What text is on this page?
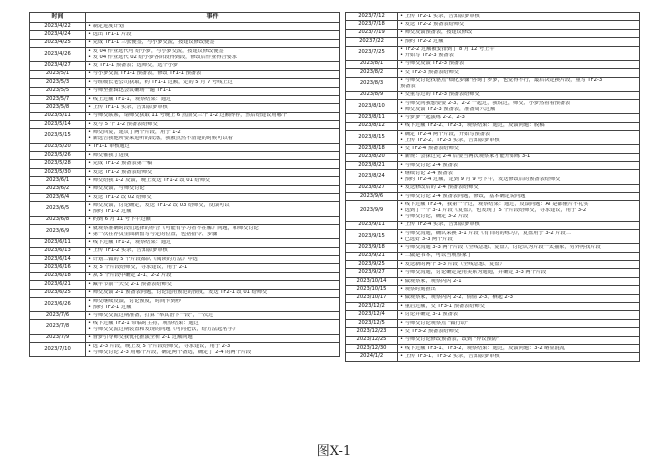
时间	事件
2023/4/22	• 制定进度计划

2023/4/24	• 选出 TF1-1 片段

2023/4/25	• 完成 TF1-1 三张便签，与小萝交流，按建议修改便签

2023/4/26	• 发 04 作业选代可 给小萝，与小萝交流，按建议修改便签
• 发 04 作业选代 02 给小萝各阶段得到段，修改后作业得合要求

2023/4/27	• 发 TF1-1 预备表；选师交，选个小萝

2023/5/1	• 与小萝交流 TF1-1 预备表，修改 TF1-1 预备表

2023/5/3	• 与班级长老公司获取，约 TF1-1 过额，定的 5 月 7 号线上过

2023/5/5	• 与师至推辑迅会议确场一遍 TF1-1

2023/5/7	• 线上过额 TF1-1，观察结果：通过

2023/5/8	• 上传 TF1-1 实录，告知影萝审核

2023/5/11	• 与师交联系，请师交获取 11 号晚上 6 点前交三个 1-2 过额得荐，然后给建议用哪个

2023/5/14	• 发与 5 个 1-2 预备表给师交

2023/5/15	• 师交回复，建议了两个片段，用于 1-2
• 新选告我他所要来进听的段落，我被点然不清楚的时候可以看

2023/5/20	• TF1-1 审核通过

2023/5/26	• 师交催我了进度

2023/5/28	• 完成 TF1-2 预备表第一稿

2023/5/30	• 发送 TF1-2 预备表给师交

2023/6/1	• 师交给我 1-2 反馈，晚上发送 TF1-2 改 01 给师交

2023/6/2	• 师交反馈，与师交讨论

2023/6/4	• 发送 TF1-2 改 02 给师交

2023/6/5	• 师交反馈，讨论确定，发送 TF1-2 改 03 给师交，反馈可以
• 预约 TF1-2 过额

2023/6/8	• 约到 6 月 11 号下午过额

2023/6/9	• 就观察准确时段们选择的荐合《可能有学习者不在解》问题，和师交讨论
• 第一次在荐页里面新留写与定的位置，包括指令、步骤

2023/6/11	• 线下过额 TF1-2，观察结果：通过

2023/6/13	• 上传 TF1-2 实录，告知影萝审核

2023/6/14	• 计划二做的 5 个片段都队《阅读的方法》中选

2023/6/16	• 发 5 个片段给师交，寻求建议，用于 2-1

2023/6/18	• 从 5 个片段中确定 2-1、2-2 片段

2023/6/21	• 藏竿节前一天交 2-1 预备表给师交

2023/6/25	• 师交反馈 2-1 预备表问题，讨论适用预范的预度，发送 TF2-1 改 01 给师交

2023/6/26	• 师交继续反馈，讨论预度，时间卡到秒
• 预约 TF2-1 过额

2023/7/6	• 与师交交流过期准备，打算 "举其治下一段"，一次过

2023/7/8	• 线下过额 TF2-1 带临时主持，观察结果：通过
• 与师交交流过期装置和发现的问题《可同把饮，给方法起名字》

2023/7/9	• 督萝引导师交我优托推演全析 2-1 过额问题

2023/7/10	• 选 2-3 片段，晚上发 5 个片段给师交，寻求建议，用于 2-3
• 与师交讨论 2-3 用哪个片段，确定两个备选，确定了 2-4 的两个片段
2023/7/12	• 上传 TF2-1 实录，告知影萝审核

2023/7/18	• 发送 TF2-2 预备表给师交

2023/7/19	• 师交反馈预备表，按建议修改

20237/22	• 预约 TF2-2 过额

2023/7/25	• TF2-2 过额被安排到了 8 月 12 号上午
• 开始写 TF2-3 预备表

2023/8/1	• 与师交反馈 TF2-3 预备表

2023/8/2	• 交 TF2-3 预备表给师交

2023/8/3	• 与师交讨论找驱点"细化步骤"咨询了罗萝，也觉得不行，最后决定换片段，重写 TF2-3
预备表

2023/8/9	• 交重写过的 TF2-3 预备表给师交

2023/8/10	• 与师交问我想要要 2-3、2-2 一起过，我说过，师交、小萝然看看预备表
• 师交反馈 TF2-3 预备表，准备周六过额

2023/8/11	• 与萝萝一起演练 2-2、2-3

2023/8/12	• 线下过额 TF2-2、TF2-3，观察结果：通过，反馈问题：脱稿

2023/8/15	• 确定 TF2-4 两个片段，开始写预备表
• 上传 TF2-2、TF2-3 实录，告知影萝审核

2023/8/18	• 交 TF2-4 预备表给师交

2023/8/20	• 新规：会探过完 2-4 后要当两次观察家才能开始练 3-1

2023/8/21	• 与师交讨论 2-4 预备表

2023/8/24	• 继续讨论 2-4 预备表
• 预约 TF2-4 过额，定到 9 月 9 号下午，发送修改后的预备表给师交

2023/8/27	• 发送修改后的 2-4 预备表给师交

2023/9/6	• 与师交讨论 2-4 预备表问题，修改，基本确定说问题

2023/9/9	• 线下过额 TF2-4，我第一个过，观察结果：通过，反馈问题：AI 是都懂片不礼实
• 选到了一个 3-1 片段《复盘》，也发现了 5 个片段给师交，寻求建议，用于 3-2
• 与师交讨论，确定 3-2 片段

2023/9/11	• 上传 TF2-4 实录，告知影萝审核

2023/9/15	• 与师交沟通，确认采换 3-1 片段《有目的的练习》，复盘用于 3-2 片段二
• 已选好 3-3 两个片段

2023/9/18	• 与师交沟通 3-3 两个片段（全线思想、复盘），讨论认为片段一太抽象，另外再找片段

2023/9/21	• 二做是书本，可以当观察家了

2023/9/25	• 发送新的两个 3-3 片段（全线思想、复盘）

2023/9/27	• 与师交沟通，讨论确定是用美系为通通，并确定 3-3 两个片段

2023/10/14	• 做观察家，观察闪闪 2-1

2023/10/15	• 观察时刻推出

2023/10/17	• 做观察家，观察闪闪 2-2、倩倩 2-3、栖起 2-3

2023/12/2	• 重启过额，交 TF3-1 预备表给师交

2023/12/4	• 讨论并确定 3-1 预备表

2023/12/5	• 与师交讨论观察点 "做行动"

2023/12/23	• 交 TF3-2 预备表给师交

2023/12/25	• 与师交讨论修改预备表，改到 "异议预防"

2023/12/30	• 线下过额 TF3-1、TF3-2，观察结果：通过，反馈问题：3-2 略显混乱

2024/1/2	• 上传 TF3-1、TF3-2 实录，告知影萝审核
图X-1
